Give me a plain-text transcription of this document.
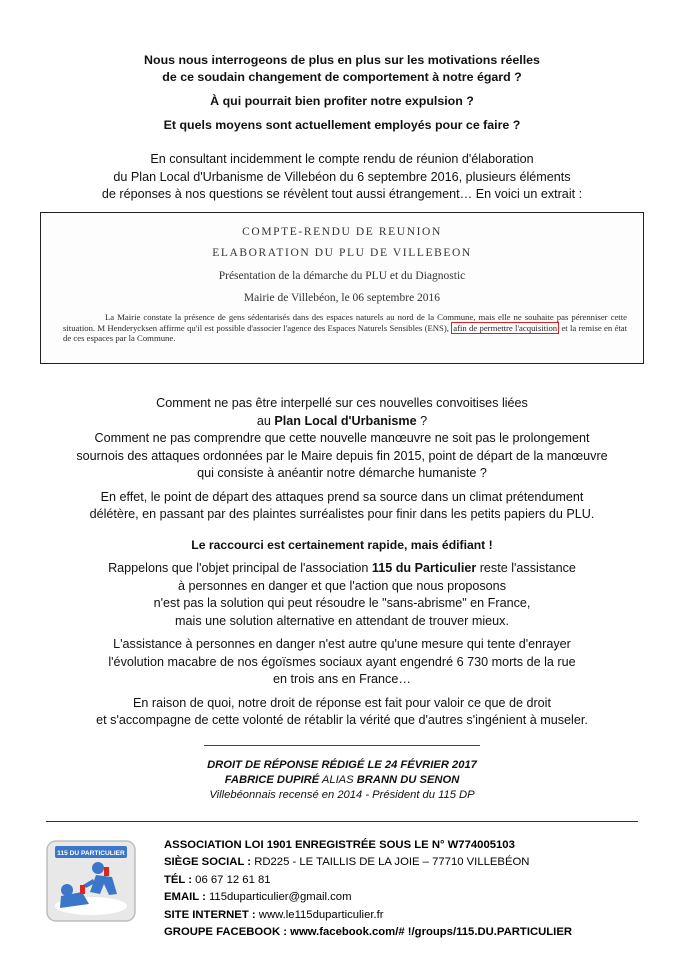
Nous nous interrogeons de plus en plus sur les motivations réelles
de ce soudain changement de comportement à notre égard ?
À qui pourrait bien profiter notre expulsion ?
Et quels moyens sont actuellement employés pour ce faire ?

En consultant incidemment le compte rendu de réunion d'élaboration
du Plan Local d'Urbanisme de Villebéon du 6 septembre 2016, plusieurs éléments
de réponses à nos questions se révèlent tout aussi étrangement… En voici un extrait :

COMPTE-RENDU DE REUNION
ELABORATION DU PLU DE VILLEBEON
Présentation de la démarche du PLU et du Diagnostic
Mairie de Villebéon, le 06 septembre 2016
La Mairie constate la présence de gens sédentarisés dans des espaces naturels au nord de la Commune, mais elle ne souhaite pas pérenniser cette situation. M Henderycksen affirme qu'il est possible d'associer l'agence des Espaces Naturels Sensibles (ENS), afin de permettre l'acquisition et la remise en état de ces espaces par la Commune.

Comment ne pas être interpellé sur ces nouvelles convoitises liées
au Plan Local d'Urbanisme ?
Comment ne pas comprendre que cette nouvelle manœuvre ne soit pas le prolongement
sournois des attaques ordonnées par le Maire depuis fin 2015, point de départ de la manœuvre
qui consiste à anéantir notre démarche humaniste ?

En effet, le point de départ des attaques prend sa source dans un climat prétendument
délétère, en passant par des plaintes surréalistes pour finir dans les petits papiers du PLU.

Le raccourci est certainement rapide, mais édifiant !

Rappelons que l'objet principal de l'association 115 du Particulier reste l'assistance
à personnes en danger et que l'action que nous proposons
n'est pas la solution qui peut résoudre le "sans-abrisme" en France,
mais une solution alternative en attendant de trouver mieux.

L'assistance à personnes en danger n'est autre qu'une mesure qui tente d'enrayer
l'évolution macabre de nos égoïsmes sociaux ayant engendré 6 730 morts de la rue
en trois ans en France…

En raison de quoi, notre droit de réponse est fait pour valoir ce que de droit
et s'accompagne de cette volonté de rétablir la vérité que d'autres s'ingénient à museler.

DROIT DE RÉPONSE RÉDIGÉ LE 24 FÉVRIER 2017
FABRICE DUPIRÉ ALIAS BRANN DU SENON
Villebéonnais recensé en 2014 - Président du 115 DP
115 DU PARTICULIER
ASSOCIATION LOI 1901 ENREGISTRÉE SOUS LE N° W774005103
SIÈGE SOCIAL : RD225 - LE TAILLIS DE LA JOIE – 77710 VILLEBÉON
TÉL : 06 67 12 61 81
EMAIL : 115duparticulier@gmail.com
SITE INTERNET : www.le115duparticulier.fr
GROUPE FACEBOOK : www.facebook.com/# !/groups/115.DU.PARTICULIER
